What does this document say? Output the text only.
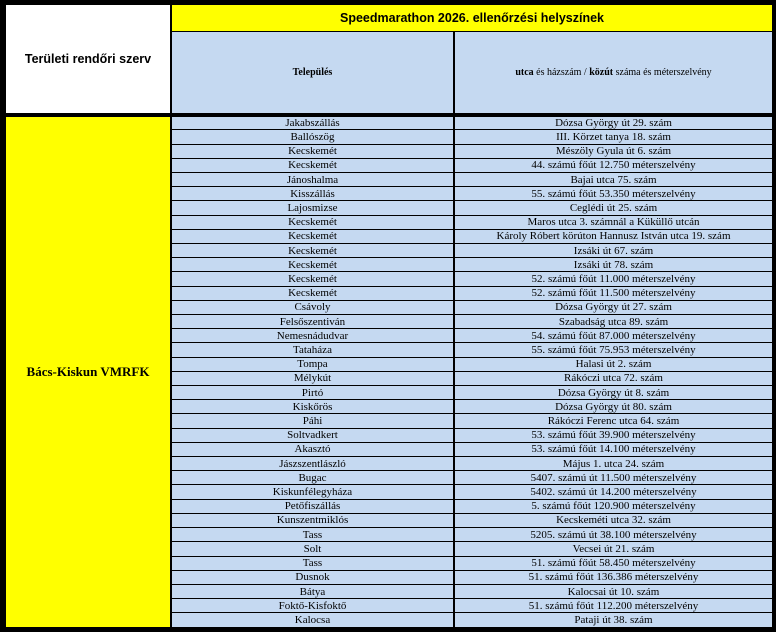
Területi rendőri szerv	Speedmarathon 2026. ellenőrzési helyszínek	
	Település	utca és házszám / közút száma és méterszelvény
Bács-Kiskun VMRFK	Jakabszállás	Dózsa György út 29. szám
	Ballószög	III. Körzet tanya 18. szám
	Kecskemét	Mészöly Gyula út 6. szám
	Kecskemét	44. számú főút 12.750 méterszelvény
	Jánoshalma	Bajai utca 75. szám
	Kisszállás	55. számú főút 53.350 méterszelvény
	Lajosmizse	Ceglédi út 25. szám
	Kecskemét	Maros utca 3. számnál a Küküllő utcán
	Kecskemét	Károly Róbert körúton Hannusz István utca 19. szám
	Kecskemét	Izsáki út 67. szám
	Kecskemét	Izsáki út 78. szám
	Kecskemét	52. számú főút 11.000 méterszelvény
	Kecskemét	52. számú főút 11.500 méterszelvény
	Csávoly	Dózsa György út 27. szám
	Felsőszentiván	Szabadság utca 89. szám
	Nemesnádudvar	54. számú főút 87.000 méterszelvény
	Tataháza	55. számú főút 75.953 méterszelvény
	Tompa	Halasi út 2. szám
	Mélykút	Rákóczi utca 72. szám
	Pirtó	Dózsa György út 8. szám
	Kiskőrös	Dózsa György út 80. szám
	Páhi	Rákóczi Ferenc utca 64. szám
	Soltvadkert	53. számú főút 39.900 méterszelvény
	Akasztó	53. számú főút 14.100 méterszelvény
	Jászszentlászló	Május 1. utca 24. szám
	Bugac	5407. számú út 11.500 méterszelvény
	Kiskunfélegyháza	5402. számú út 14.200 méterszelvény
	Petőfiszállás	5. számú főút 120.900 méterszelvény
	Kunszentmiklós	Kecskeméti utca 32. szám
	Tass	5205. számú út 38.100 méterszelvény
	Solt	Vecsei út 21. szám
	Tass	51. számú főút 58.450 méterszelvény
	Dusnok	51. számú főút 136.386 méterszelvény
	Bátya	Kalocsai út 10. szám
	Foktő-Kisfoktő	51. számú főút 112.200 méterszelvény
	Kalocsa	Pataji út 38. szám
